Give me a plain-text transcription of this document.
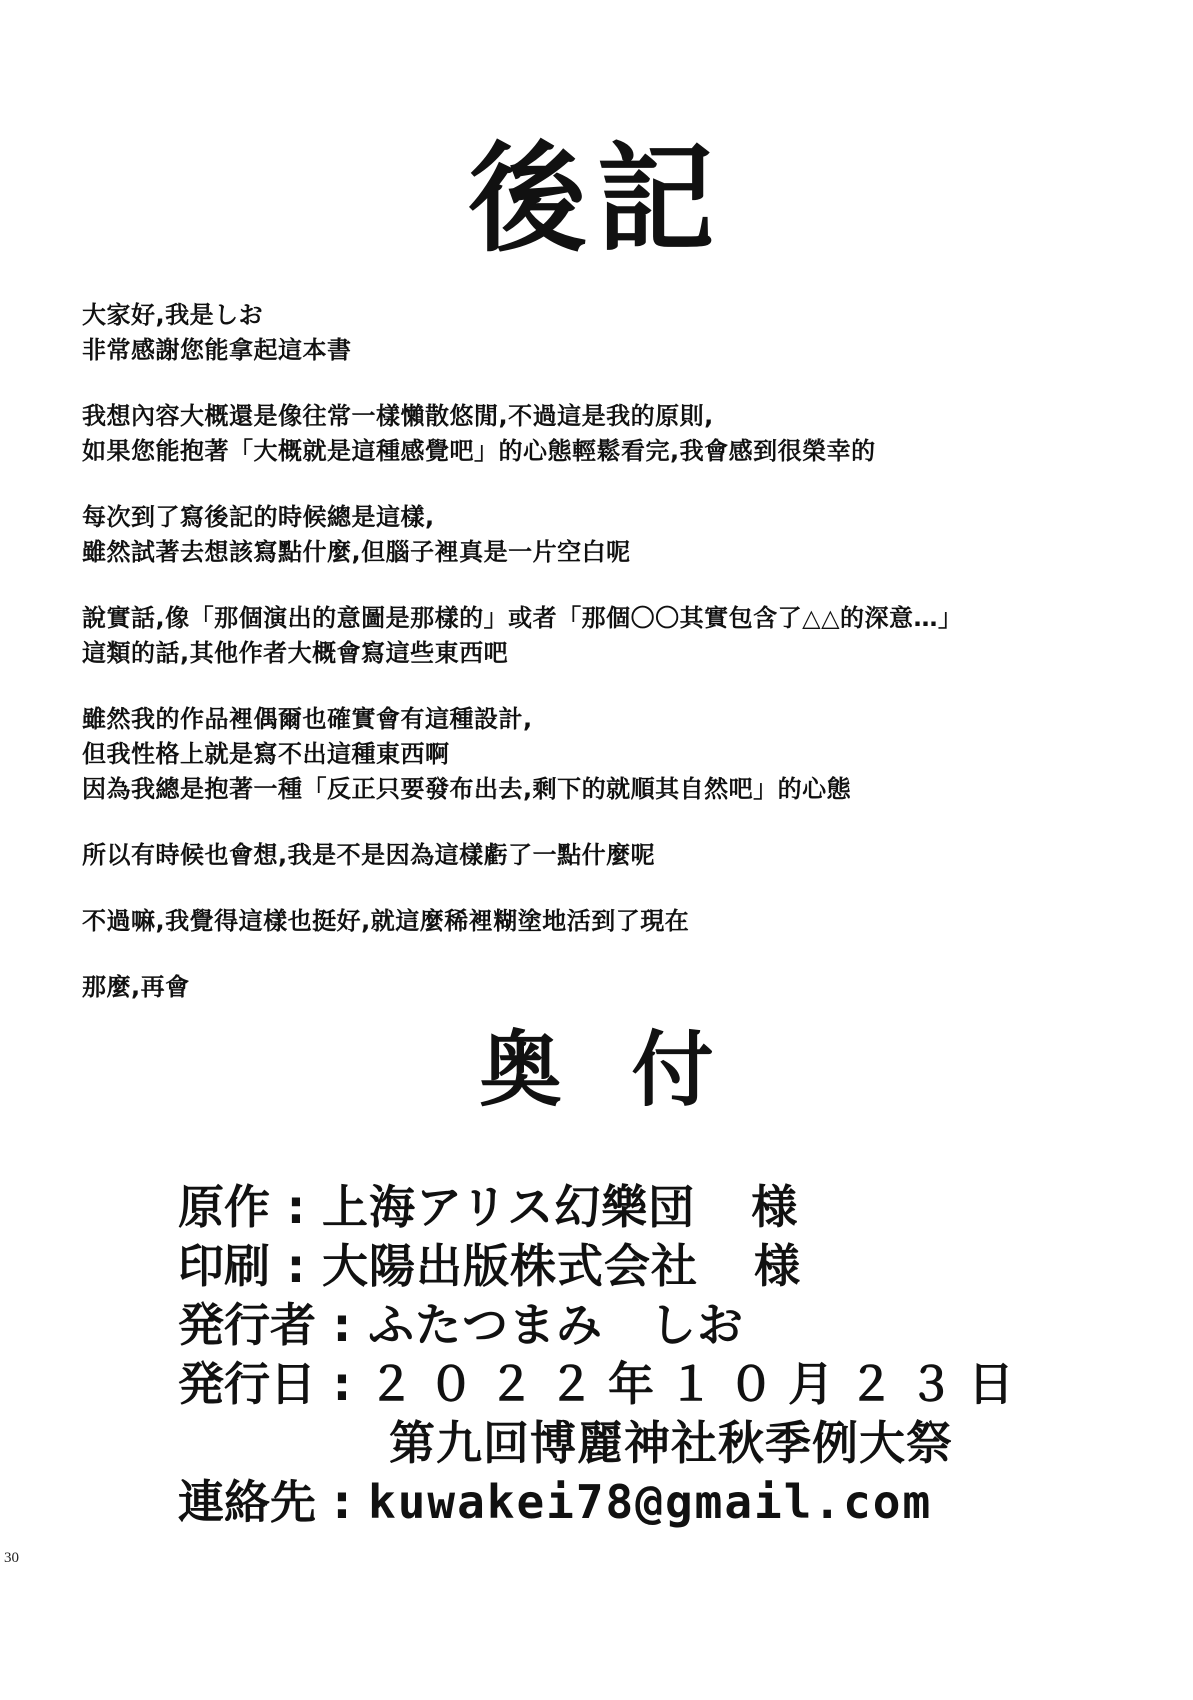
後記
大家好,我是しお
非常感謝您能拿起這本書
我想內容大概還是像往常一樣懶散悠閒,不過這是我的原則,
如果您能抱著「大概就是這種感覺吧」的心態輕鬆看完,我會感到很榮幸的
每次到了寫後記的時候總是這樣,
雖然試著去想該寫點什麼,但腦子裡真是一片空白呢
說實話,像「那個演出的意圖是那樣的」或者「那個〇〇其實包含了△△的深意…」
這類的話,其他作者大概會寫這些東西吧
雖然我的作品裡偶爾也確實會有這種設計,
但我性格上就是寫不出這種東西啊
因為我總是抱著一種「反正只要發布出去,剩下的就順其自然吧」的心態
所以有時候也會想,我是不是因為這樣虧了一點什麼呢
不過嘛,我覺得這樣也挺好,就這麼稀裡糊塗地活到了現在
那麼,再會
奥付
原作 : 上海アリス幻樂団 様
印刷 : 大陽出版株式会社 様
発行者 : ふたつまみ　しお
発行日 : ２０２２年１０月２３日
第九回博麗神社秋季例大祭
連絡先 : kuwakei78@gmail.com
30
